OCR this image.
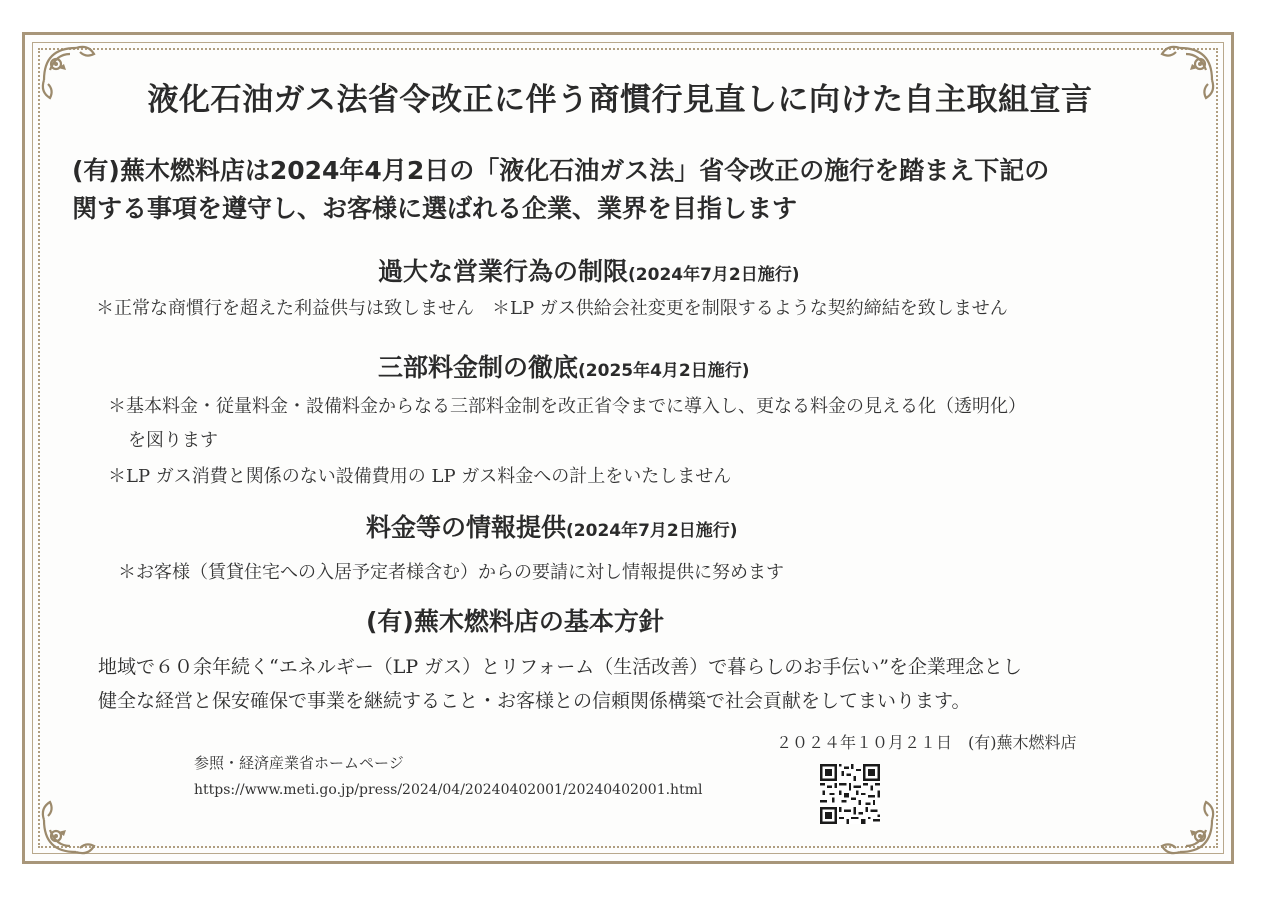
液化石油ガス法省令改正に伴う商慣行見直しに向けた自主取組宣言
(有)蕪木燃料店は2024年4月2日の「液化石油ガス法」省令改正の施行を踏まえ下記の
関する事項を遵守し、お客様に選ばれる企業、業界を目指します
過大な営業行為の制限(2024年7月2日施行)
＊正常な商慣行を超えた利益供与は致しません　＊LP ガス供給会社変更を制限するような契約締結を致しません
三部料金制の徹底(2025年4月2日施行)
＊基本料金・従量料金・設備料金からなる三部料金制を改正省令までに導入し、更なる料金の見える化（透明化）
を図ります
＊LP ガス消費と関係のない設備費用の LP ガス料金への計上をいたしません
料金等の情報提供(2024年7月2日施行)
＊お客様（賃貸住宅への入居予定者様含む）からの要請に対し情報提供に努めます
(有)蕪木燃料店の基本方針
地域で６０余年続く“エネルギー（LP ガス）とリフォーム（生活改善）で暮らしのお手伝い”を企業理念とし
健全な経営と保安確保で事業を継続すること・お客様との信頼関係構築で社会貢献をしてまいります。
２０２４年１０月２１日　(有)蕪木燃料店
参照・経済産業省ホームページ
https://www.meti.go.jp/press/2024/04/20240402001/20240402001.html
